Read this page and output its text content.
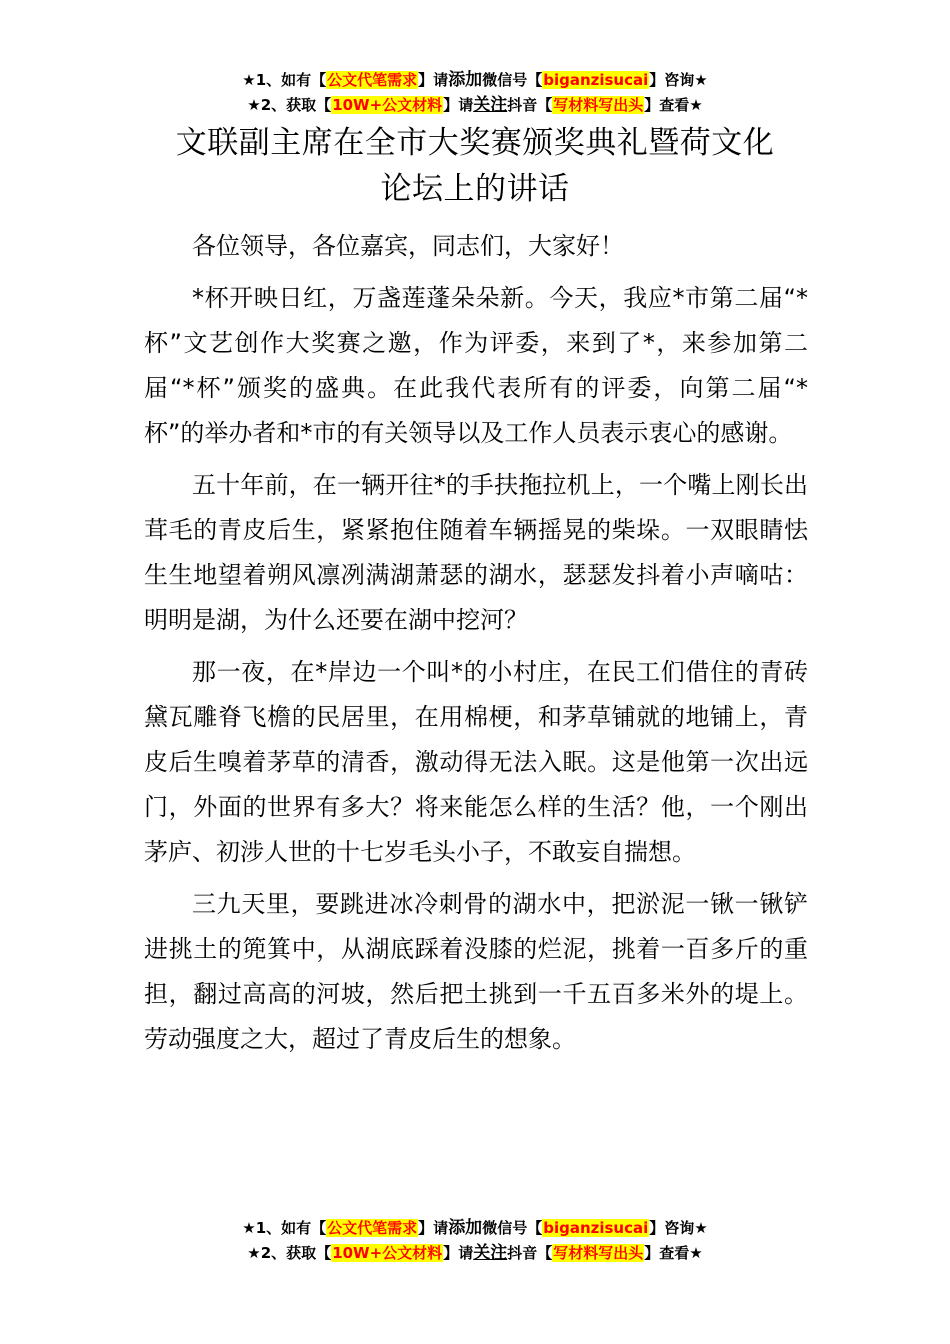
★1、如有【公文代笔需求】请添加微信号【biganzisucai】咨询★
★2、获取【10W+公文材料】请关注抖音【写材料写出头】查看★
文联副主席在全市大奖赛颁奖典礼暨荷文化
论坛上的讲话

各位领导，各位嘉宾，同志们，大家好！

*杯开映日红，万盏莲蓬朵朵新。今天，我应*市第二届“*杯”文艺创作大奖赛之邀，作为评委，来到了*，来参加第二届“*杯”颁奖的盛典。在此我代表所有的评委，向第二届“*杯”的举办者和*市的有关领导以及工作人员表示衷心的感谢。

五十年前，在一辆开往*的手扶拖拉机上，一个嘴上刚长出茸毛的青皮后生，紧紧抱住随着车辆摇晃的柴垛。一双眼睛怯生生地望着朔风凛冽满湖萧瑟的湖水，瑟瑟发抖着小声嘀咕：明明是湖，为什么还要在湖中挖河？

那一夜，在*岸边一个叫*的小村庄，在民工们借住的青砖黛瓦雕脊飞檐的民居里，在用棉梗，和茅草铺就的地铺上，青皮后生嗅着茅草的清香，激动得无法入眠。这是他第一次出远门，外面的世界有多大？将来能怎么样的生活？他，一个刚出茅庐、初涉人世的十七岁毛头小子，不敢妄自揣想。

三九天里，要跳进冰冷刺骨的湖水中，把淤泥一锹一锹铲进挑土的篼箕中，从湖底踩着没膝的烂泥，挑着一百多斤的重担，翻过高高的河坡，然后把土挑到一千五百多米外的堤上。劳动强度之大，超过了青皮后生的想象。

★1、如有【公文代笔需求】请添加微信号【biganzisucai】咨询★
★2、获取【10W+公文材料】请关注抖音【写材料写出头】查看★
